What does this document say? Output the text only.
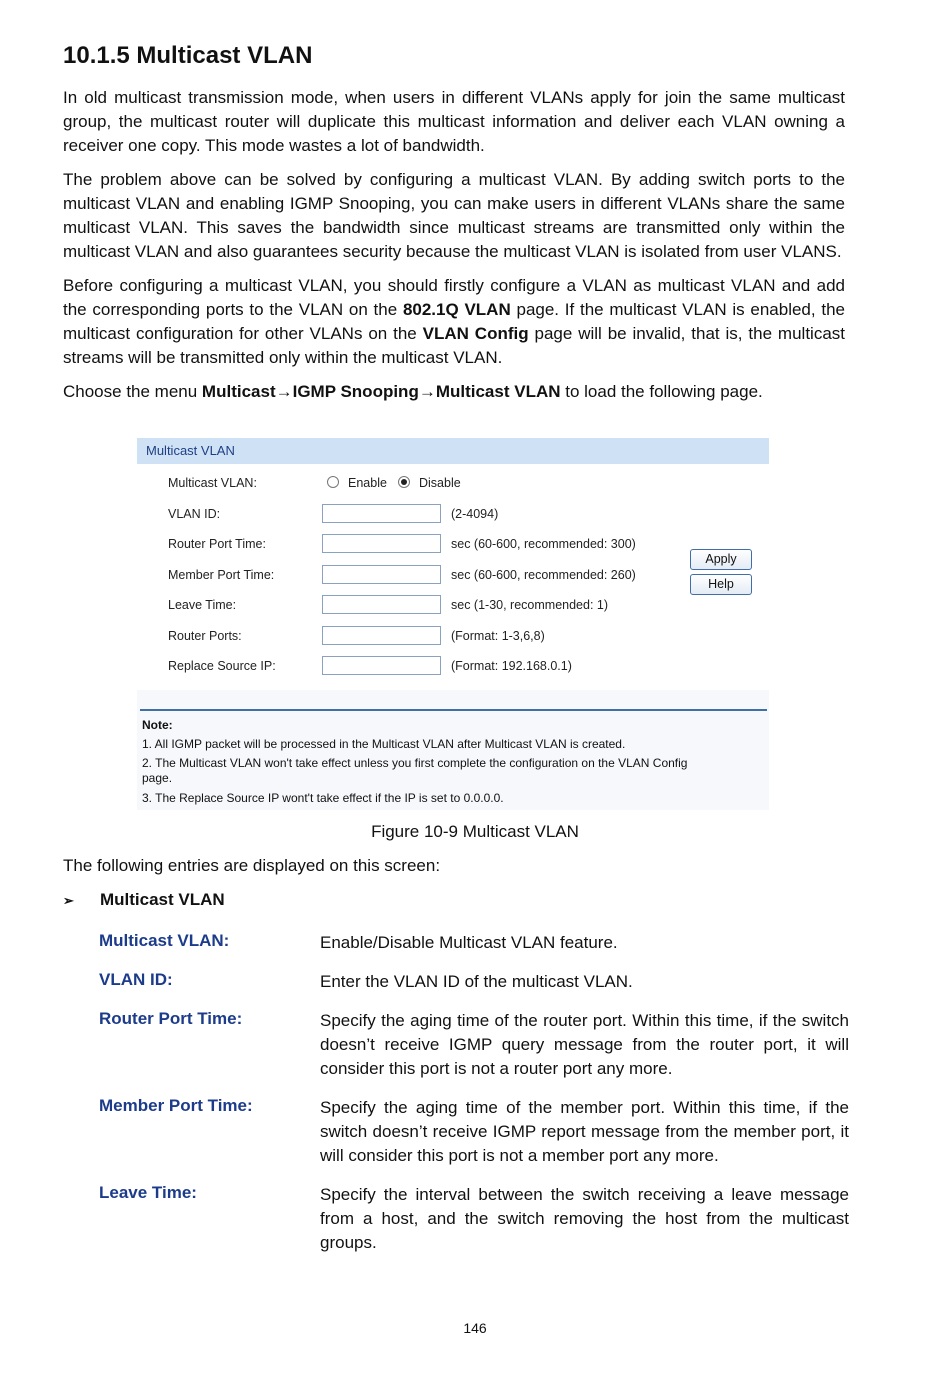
10.1.5 Multicast VLAN

In old multicast transmission mode, when users in different VLANs apply for join the same multicast group, the multicast router will duplicate this multicast information and deliver each VLAN owning a receiver one copy. This mode wastes a lot of bandwidth.

The problem above can be solved by configuring a multicast VLAN. By adding switch ports to the multicast VLAN and enabling IGMP Snooping, you can make users in different VLANs share the same multicast VLAN. This saves the bandwidth since multicast streams are transmitted only within the multicast VLAN and also guarantees security because the multicast VLAN is isolated from user VLANS.

Before configuring a multicast VLAN, you should firstly configure a VLAN as multicast VLAN and add the corresponding ports to the VLAN on the 802.1Q VLAN page. If the multicast VLAN is enabled, the multicast configuration for other VLANs on the VLAN Config page will be invalid, that is, the multicast streams will be transmitted only within the multicast VLAN.

Choose the menu Multicast→IGMP Snooping→Multicast VLAN to load the following page.

Multicast VLAN
Multicast VLAN:	Enable	Disable
VLAN ID:	(2-4094)
Router Port Time:	sec (60-600, recommended: 300)
Member Port Time:	sec (60-600, recommended: 260)
Leave Time:	sec (1-30, recommended: 1)
Router Ports:	(Format: 1-3,6,8)
Replace Source IP:	(Format: 192.168.0.1)
Apply
Help
Note:
1. All IGMP packet will be processed in the Multicast VLAN after Multicast VLAN is created.
2. The Multicast VLAN won't take effect unless you first complete the configuration on the VLAN Config
page.
3. The Replace Source IP wont't take effect if the IP is set to 0.0.0.0.
Figure 10-9 Multicast VLAN
The following entries are displayed on this screen:
➢ Multicast VLAN
Multicast VLAN:	Enable/Disable Multicast VLAN feature.
VLAN ID:	Enter the VLAN ID of the multicast VLAN.
Router Port Time:	Specify the aging time of the router port. Within this time, if the switch doesn’t receive IGMP query message from the router port, it will consider this port is not a router port any more.
Member Port Time:	Specify the aging time of the member port. Within this time, if the switch doesn’t receive IGMP report message from the member port, it will consider this port is not a member port any more.
Leave Time:	Specify the interval between the switch receiving a leave message from a host, and the switch removing the host from the multicast groups.
146
